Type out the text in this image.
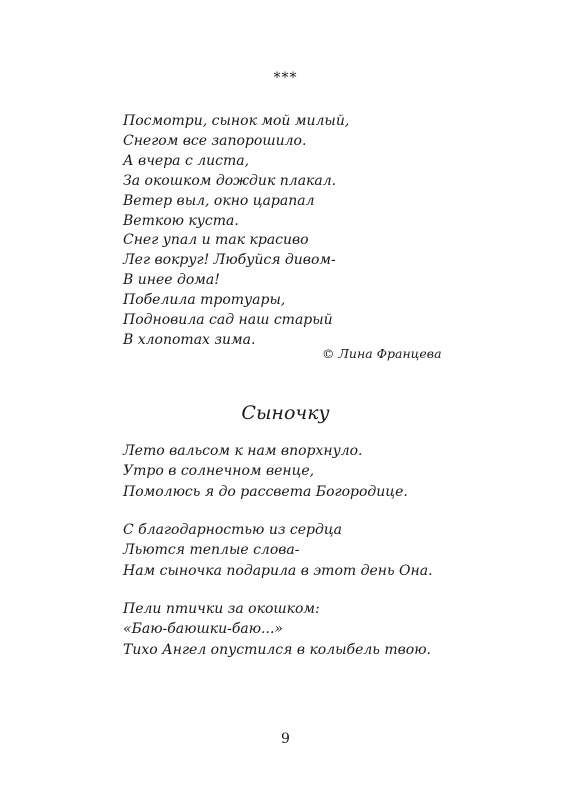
***
Посмотри, сынок мой милый,
Снегом все запорошило.
А вчера с листа,
За окошком дождик плакал.
Ветер выл, окно царапал
Веткою куста.
Снег упал и так красиво
Лег вокруг! Любуйся дивом-
В инее дома!
Побелила тротуары,
Подновила сад наш старый
В хлопотах зима.
© Лина Францева
Сыночку
Лето вальсом к нам впорхнуло.
Утро в солнечном венце,
Помолюсь я до рассвета Богородице.
С благодарностью из сердца
Льются теплые слова-
Нам сыночка подарила в этот день Она.
Пели птички за окошком:
«Баю-баюшки-баю...»
Тихо Ангел опустился в колыбель твою.
9
